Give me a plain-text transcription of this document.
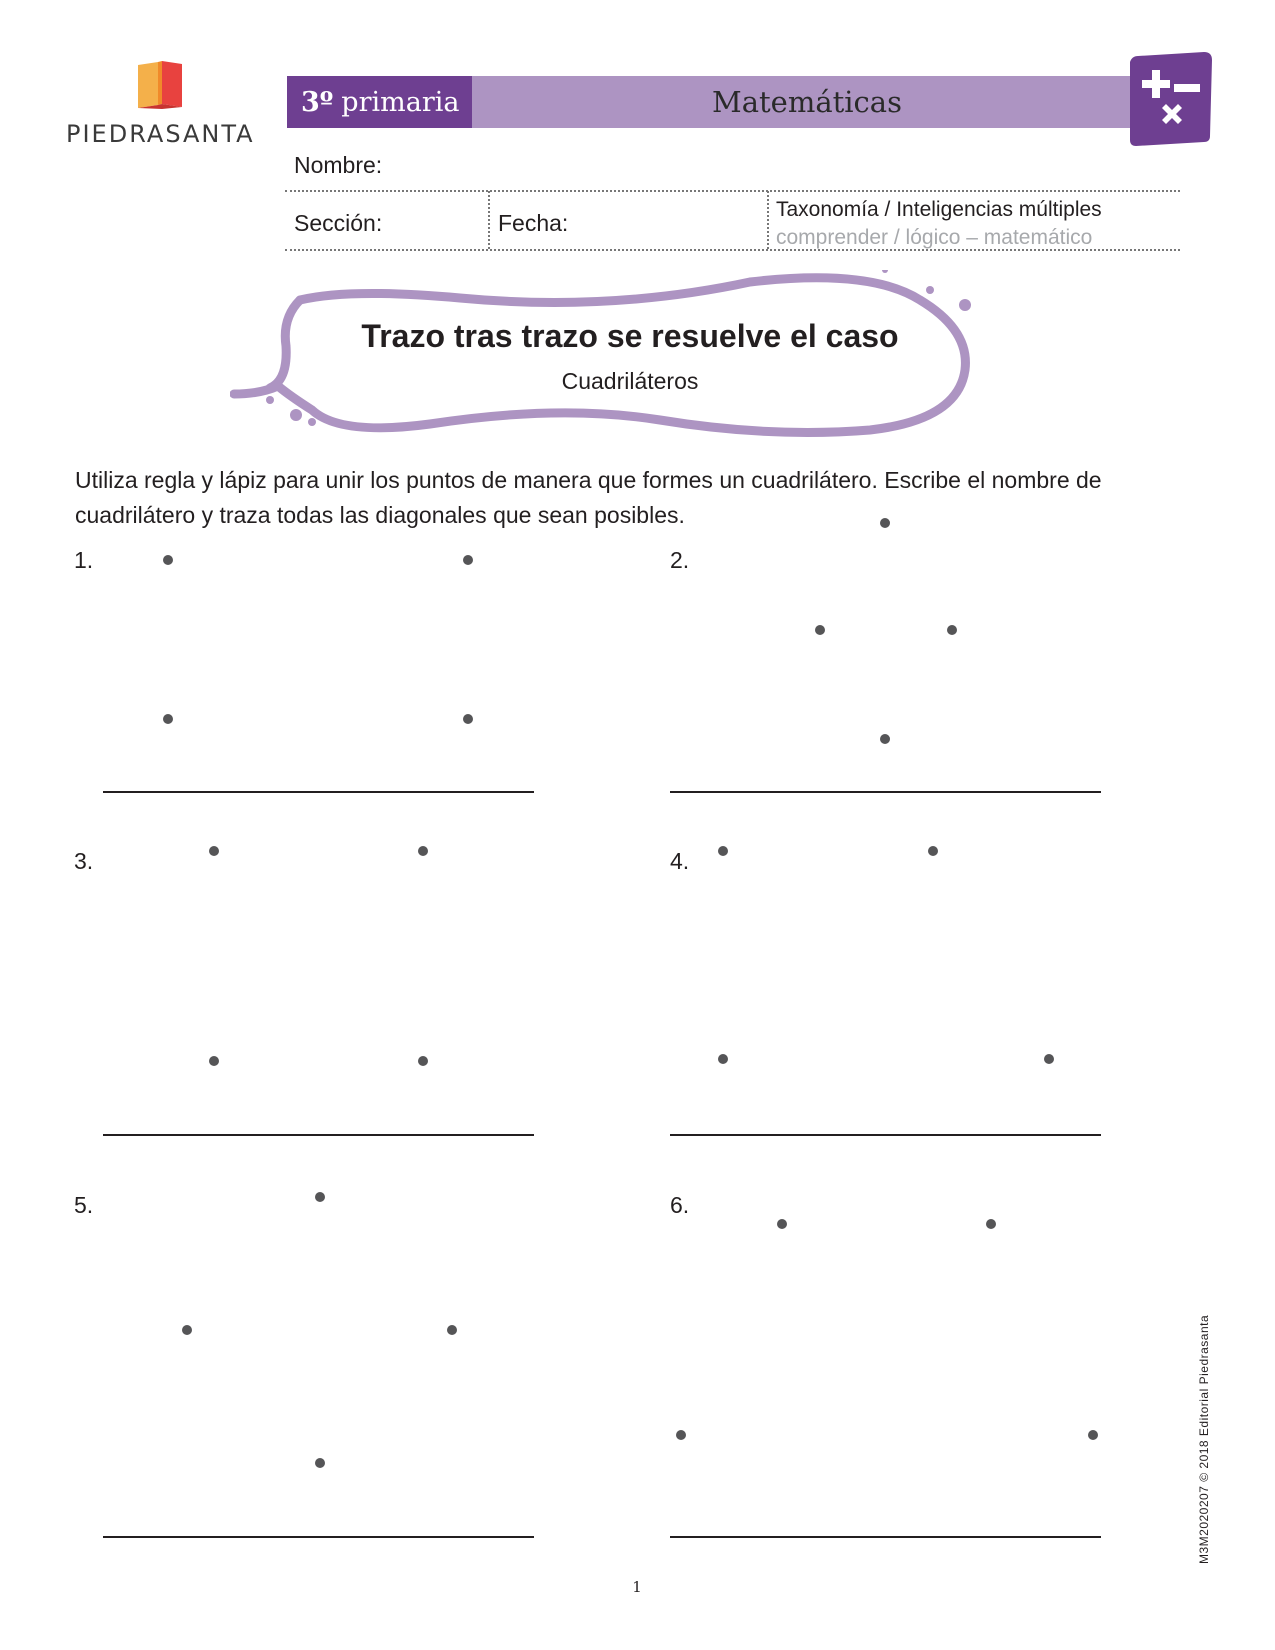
PIEDRASANTA
3º primaria	Matemáticas
Nombre:
Sección:	Fecha:
Taxonomía / Inteligencias múltiples
comprender / lógico – matemático
Trazo tras trazo se resuelve el caso
Cuadriláteros
Utiliza regla y lápiz para unir los puntos de manera que formes un cuadrilátero. Escribe el nombre de cuadrilátero y traza todas las diagonales que sean posibles.
1.	2.
3.	4.
5.	6.
1
M3M2020207 © 2018 Editorial Piedrasanta
